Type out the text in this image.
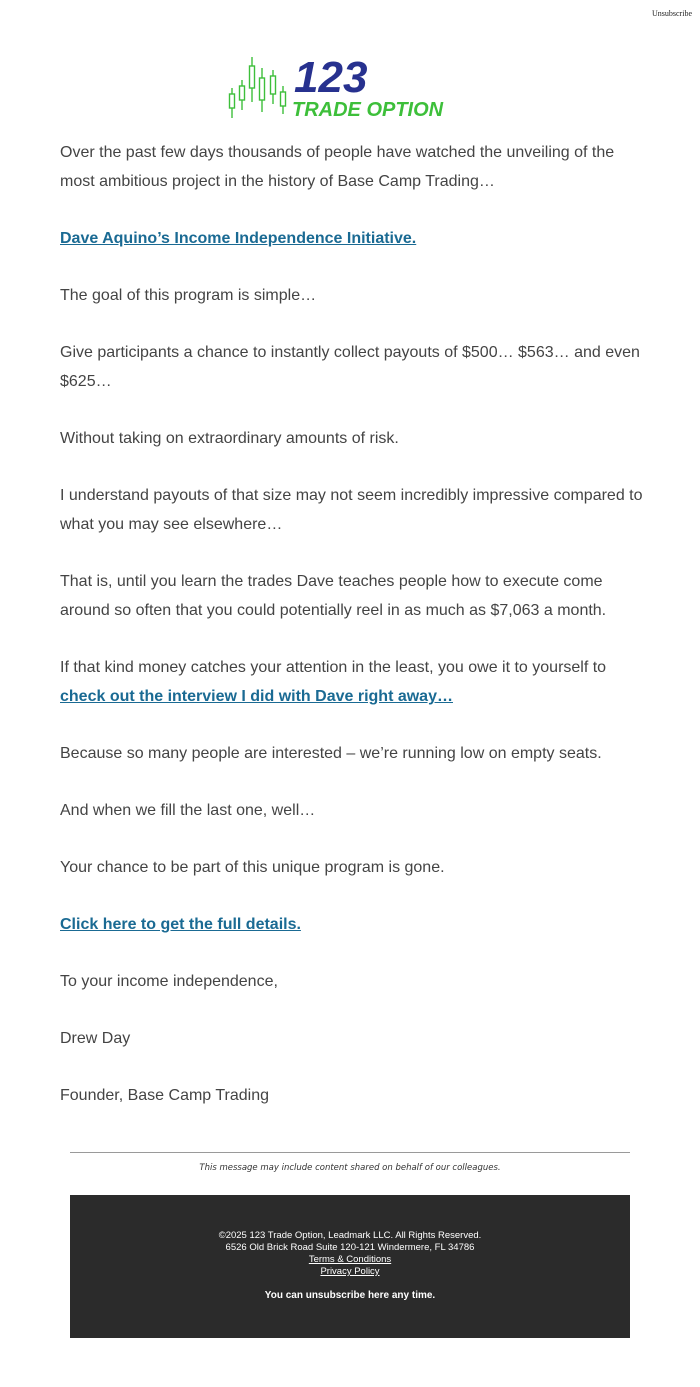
Unsubscribe
123
TRADE OPTION

Over the past few days thousands of people have watched the unveiling of the most ambitious project in the history of Base Camp Trading…

Dave Aquino’s Income Independence Initiative.

The goal of this program is simple…

Give participants a chance to instantly collect payouts of $500… $563… and even $625…

Without taking on extraordinary amounts of risk.

I understand payouts of that size may not seem incredibly impressive compared to what you may see elsewhere…

That is, until you learn the trades Dave teaches people how to execute come around so often that you could potentially reel in as much as $7,063 a month.

If that kind money catches your attention in the least, you owe it to yourself to
check out the interview I did with Dave right away…

Because so many people are interested – we’re running low on empty seats.

And when we fill the last one, well…

Your chance to be part of this unique program is gone.

Click here to get the full details.

To your income independence,

Drew Day

Founder, Base Camp Trading

This message may include content shared on behalf of our colleagues.
©2025 123 Trade Option, Leadmark LLC. All Rights Reserved.
6526 Old Brick Road Suite 120-121 Windermere, FL 34786
Terms & Conditions
Privacy Policy
You can unsubscribe here any time.
